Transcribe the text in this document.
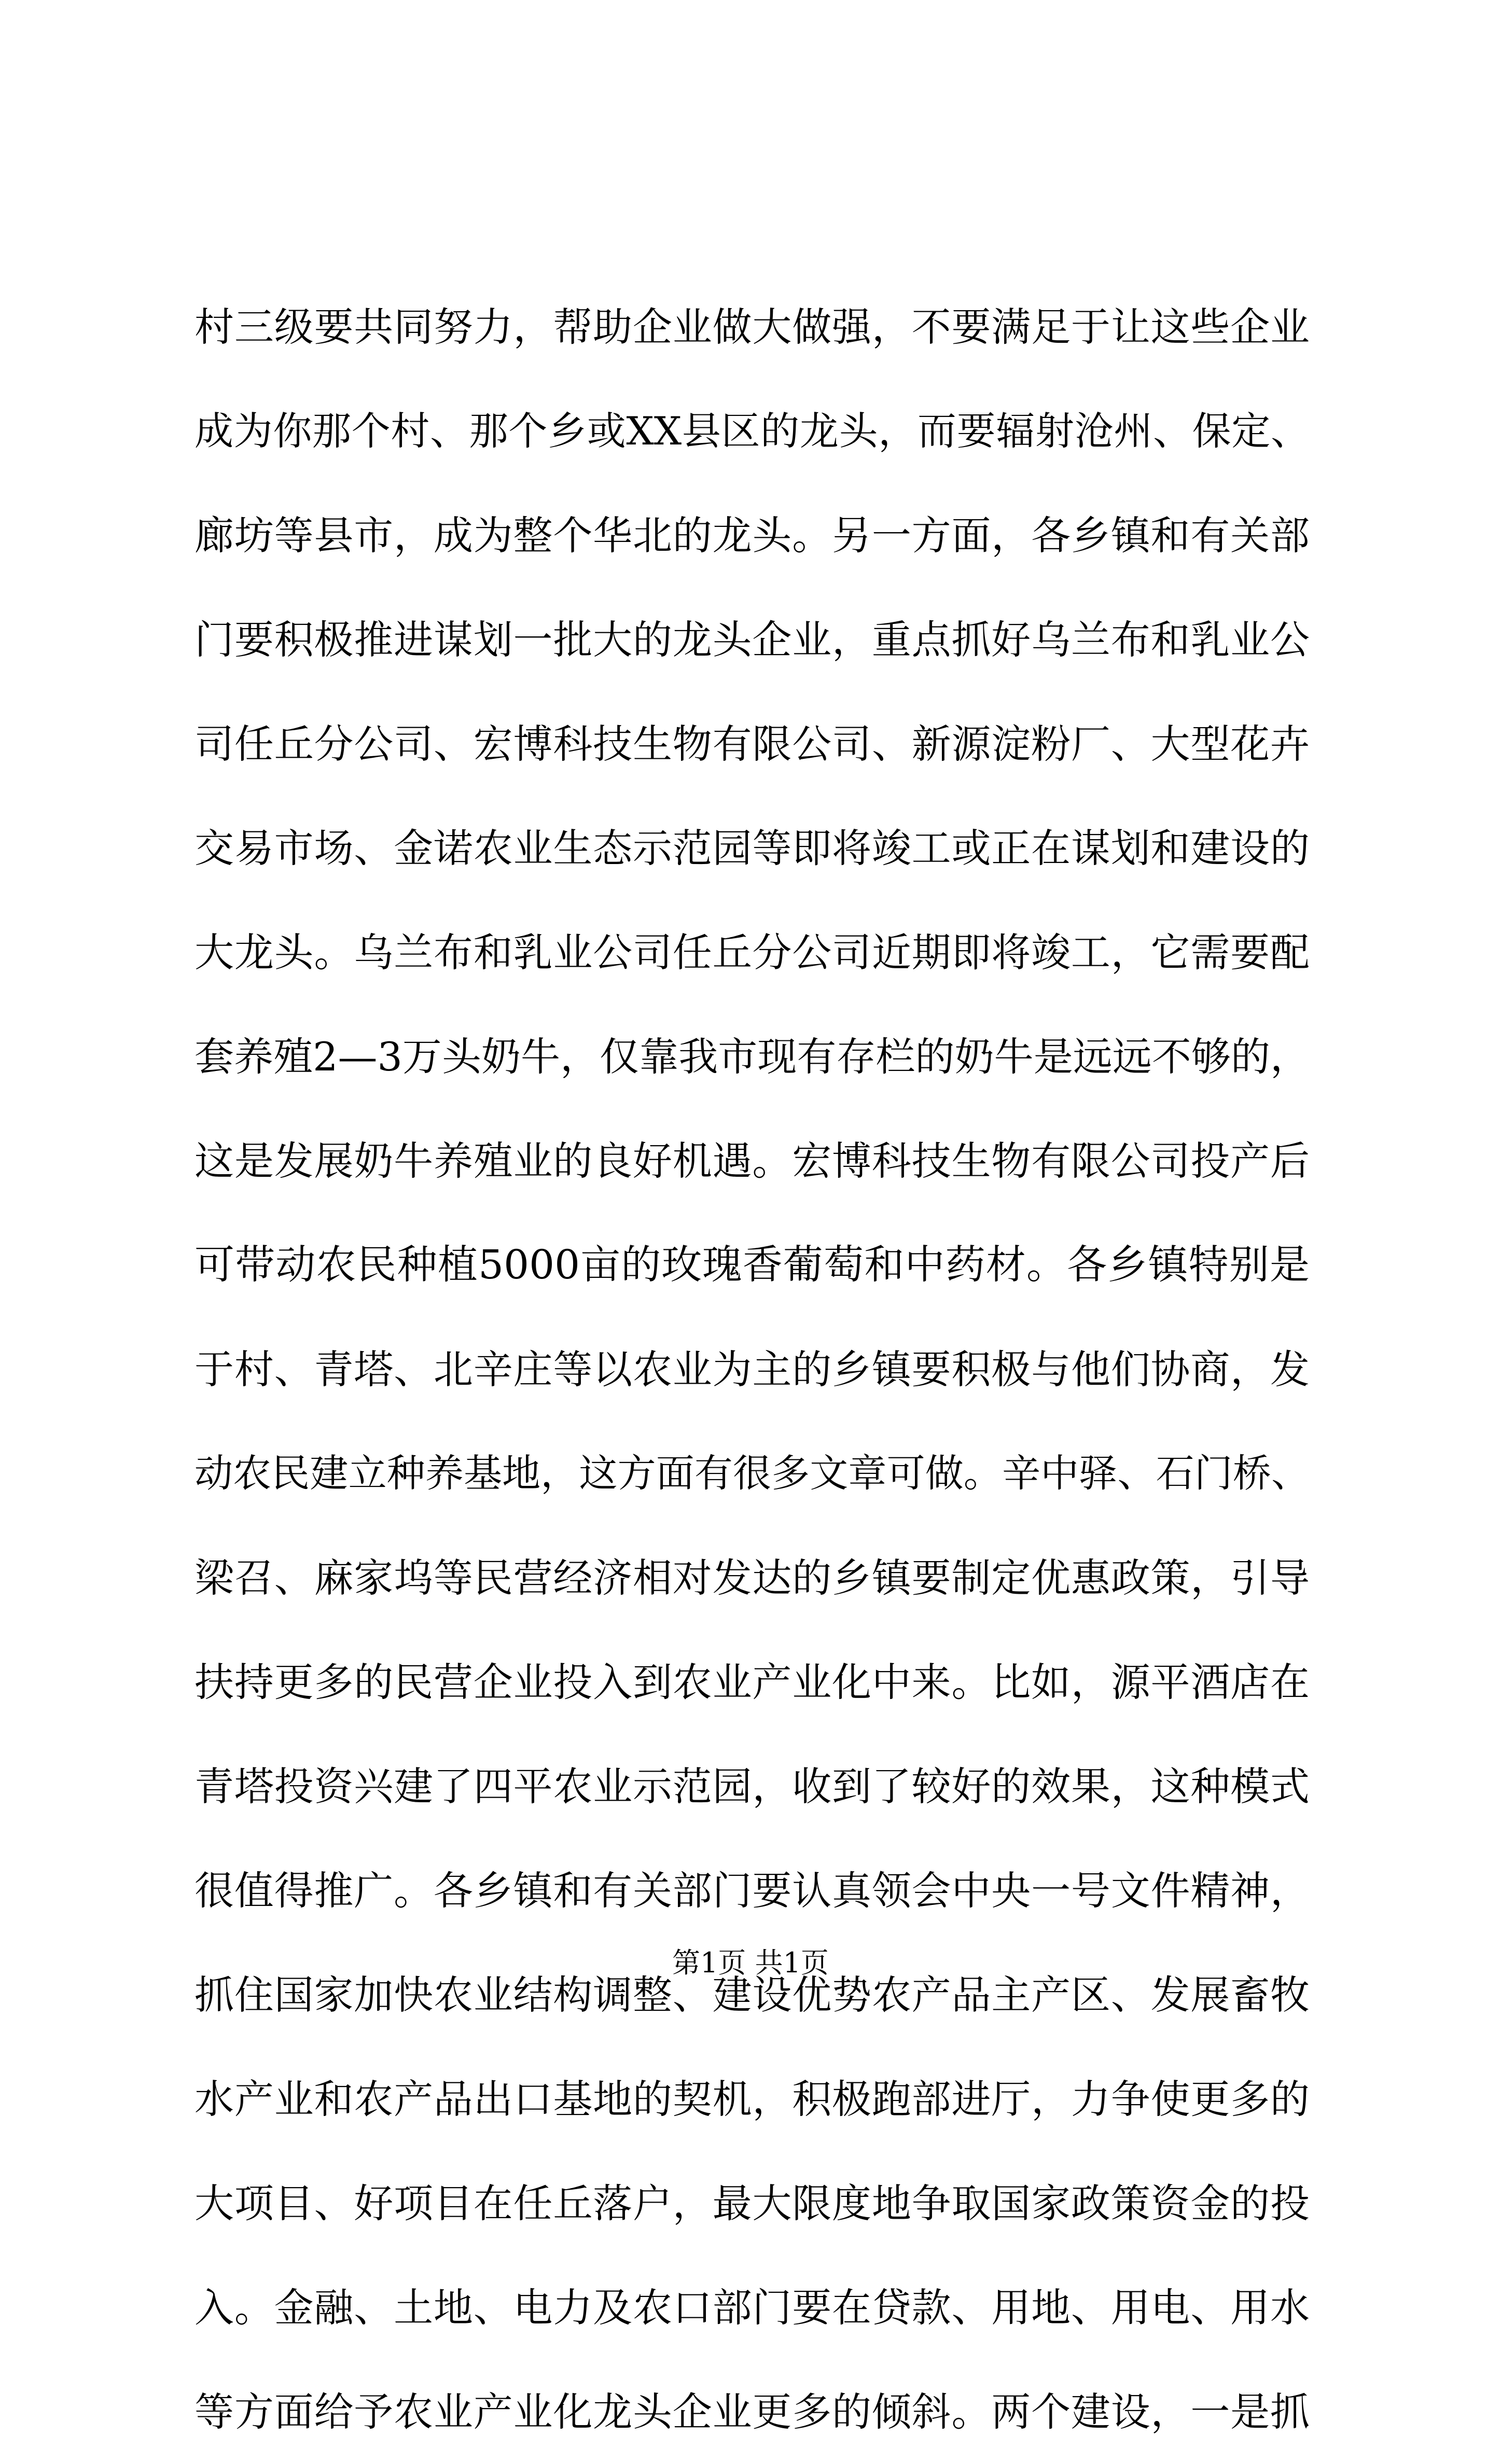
村三级要共同努力，帮助企业做大做强，不要满足于让这些企业
成为你那个村、那个乡或XX县区的龙头，而要辐射沧州、保定、
廊坊等县市，成为整个华北的龙头。另一方面，各乡镇和有关部
门要积极推进谋划一批大的龙头企业，重点抓好乌兰布和乳业公
司任丘分公司、宏博科技生物有限公司、新源淀粉厂、大型花卉
交易市场、金诺农业生态示范园等即将竣工或正在谋划和建设的
大龙头。乌兰布和乳业公司任丘分公司近期即将竣工，它需要配
套养殖2—3万头奶牛，仅靠我市现有存栏的奶牛是远远不够的，
这是发展奶牛养殖业的良好机遇。宏博科技生物有限公司投产后
可带动农民种植5000亩的玫瑰香葡萄和中药材。各乡镇特别是
于村、青塔、北辛庄等以农业为主的乡镇要积极与他们协商，发
动农民建立种养基地，这方面有很多文章可做。辛中驿、石门桥、
梁召、麻家坞等民营经济相对发达的乡镇要制定优惠政策，引导
扶持更多的民营企业投入到农业产业化中来。比如，源平酒店在
青塔投资兴建了四平农业示范园，收到了较好的效果，这种模式
很值得推广。各乡镇和有关部门要认真领会中央一号文件精神，
抓住国家加快农业结构调整、建设优势农产品主产区、发展畜牧
水产业和农产品出口基地的契机，积极跑部进厅，力争使更多的
大项目、好项目在任丘落户，最大限度地争取国家政策资金的投
入。金融、土地、电力及农口部门要在贷款、用地、用电、用水
等方面给予农业产业化龙头企业更多的倾斜。两个建设，一是抓
第1页 共1页
